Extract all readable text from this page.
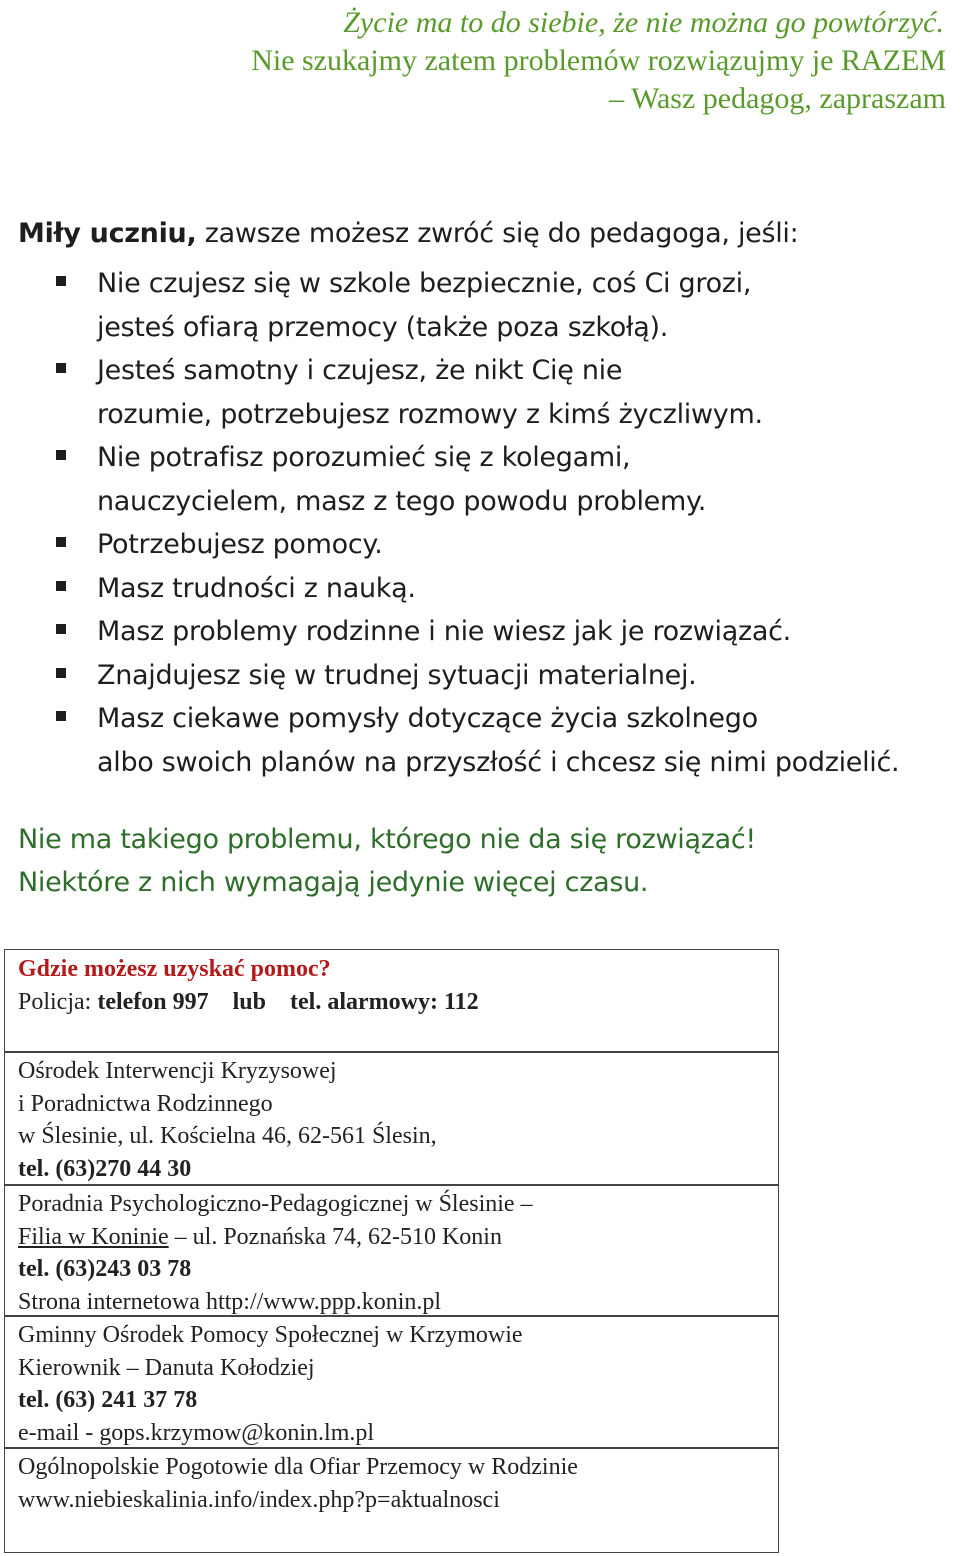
Życie ma to do siebie, że nie można go powtórzyć.
Nie szukajmy zatem problemów rozwiązujmy je RAZEM
– Wasz pedagog, zapraszam
Miły uczniu, zawsze możesz zwróć się do pedagoga, jeśli:
Nie czujesz się w szkole bezpiecznie, coś Ci grozi,
jesteś ofiarą przemocy (także poza szkołą).
Jesteś samotny i czujesz, że nikt Cię nie
rozumie, potrzebujesz rozmowy z kimś życzliwym.
Nie potrafisz porozumieć się z kolegami,
nauczycielem, masz z tego powodu problemy.
Potrzebujesz pomocy.
Masz trudności z nauką.
Masz problemy rodzinne i nie wiesz jak je rozwiązać.
Znajdujesz się w trudnej sytuacji materialnej.
Masz ciekawe pomysły dotyczące życia szkolnego
albo swoich planów na przyszłość i chcesz się nimi podzielić.
Nie ma takiego problemu, którego nie da się rozwiązać!
Niektóre z nich wymagają jedynie więcej czasu.
Gdzie możesz uzyskać pomoc?
Policja: telefon 997 lub tel. alarmowy: 112
Ośrodek Interwencji Kryzysowej
i Poradnictwa Rodzinnego
w Ślesinie, ul. Kościelna 46, 62-561 Ślesin,
tel. (63)270 44 30
Poradnia Psychologiczno-Pedagogicznej w Ślesinie –
Filia w Koninie – ul. Poznańska 74, 62-510 Konin
tel. (63)243 03 78
Strona internetowa http://www.ppp.konin.pl
Gminny Ośrodek Pomocy Społecznej w Krzymowie
Kierownik – Danuta Kołodziej
tel. (63) 241 37 78
e-mail - gops.krzymow@konin.lm.pl
Ogólnopolskie Pogotowie dla Ofiar Przemocy w Rodzinie
www.niebieskalinia.info/index.php?p=aktualnosci
